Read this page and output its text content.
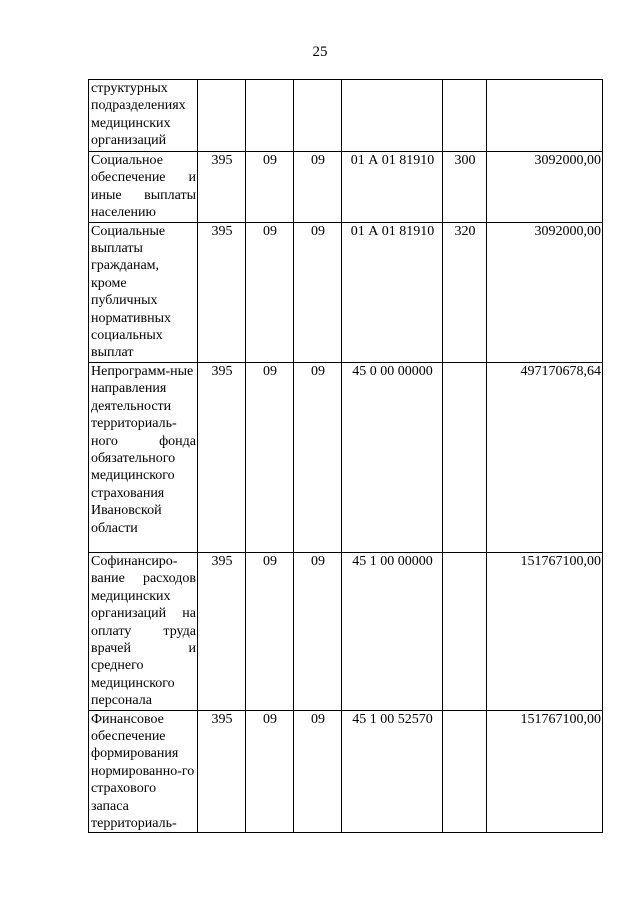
25
структурных подразделениях медицинских организаций						
Социальное обеспечение и иные выплаты населению	395	09	09	01 А 01 81910	300	3092000,00
Социальные выплаты гражданам, кроме публичных нормативных социальных выплат	395	09	09	01 А 01 81910	320	3092000,00
Непрограмм-ные направления деятельности территориаль-ного фонда обязательного медицинского страхования Ивановской области	395	09	09	45 0 00 00000		497170678,64
Софинансиро-вание расходов медицинских организаций на оплату труда врачей и среднего медицинского персонала	395	09	09	45 1 00 00000		151767100,00
Финансовое обеспечение формирования нормированно-го страхового запаса территориаль-	395	09	09	45 1 00 52570		151767100,00
